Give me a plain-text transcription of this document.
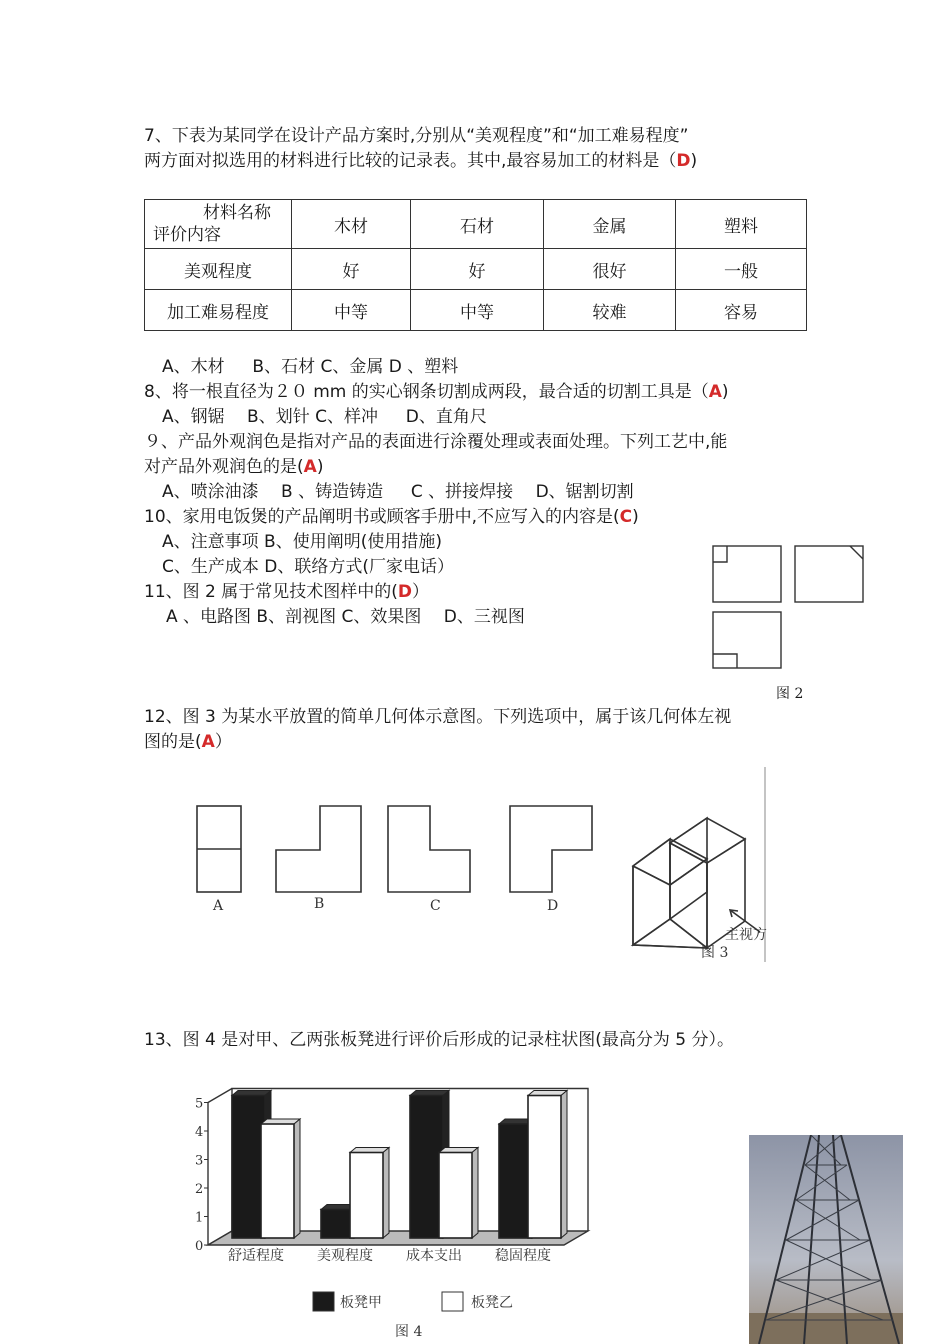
7、下表为某同学在设计产品方案时,分别从“美观程度”和“加工难易程度”
两方面对拟选用的材料进行比较的记录表。其中,最容易加工的材料是（D)
材料名称
评价内容	木材	石材	金属	塑料
美观程度	好	好	很好	一般
加工难易程度	中等	中等	较难	容易
A、木材 　 B、石材 C、金属 D 、塑料
8、将一根直径为２０ mm 的实心钢条切割成两段，最合适的切割工具是（A)
A、钢锯 　B、划针 C、样冲 　 D、直角尺
９、产品外观润色是指对产品的表面进行涂覆处理或表面处理。下列工艺中,能
对产品外观润色的是(A)
A、喷涂油漆 　B 、铸造铸造 　 C 、拼接焊接 　D、锯割切割
10、家用电饭煲的产品阐明书或顾客手册中,不应写入的内容是(C)
A、注意事项 B、使用阐明(使用措施)
C、生产成本 D、联络方式(厂家电话）
11、图 2 属于常见技术图样中的(D）
A 、电路图 B、剖视图 C、效果图 　D、三视图
图 2
12、图 3 为某水平放置的简单几何体示意图。下列选项中，属于该几何体左视
图的是(A）
A	B	C	D
主视方
图 3
13、图 4 是对甲、乙两张板凳进行评价后形成的记录柱状图(最高分为 5 分）。
0
1
2
3
4
5
舒适程度 美观程度 成本支出 稳固程度
板凳甲	板凳乙
图 4
